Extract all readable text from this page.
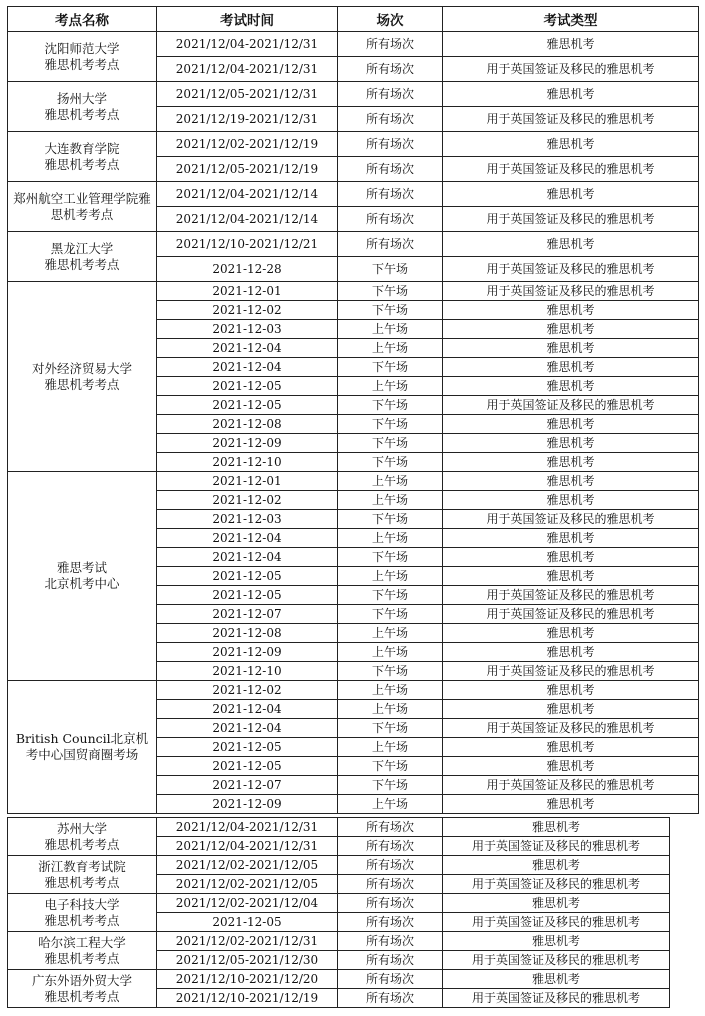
考点名称	考试时间	场次	考试类型
沈阳师范大学
雅思机考考点	2021/12/04-2021/12/31	所有场次	雅思机考
	2021/12/04-2021/12/31	所有场次	用于英国签证及移民的雅思机考
扬州大学
雅思机考考点	2021/12/05-2021/12/31	所有场次	雅思机考
	2021/12/19-2021/12/31	所有场次	用于英国签证及移民的雅思机考
大连教育学院
雅思机考考点	2021/12/02-2021/12/19	所有场次	雅思机考
	2021/12/05-2021/12/19	所有场次	用于英国签证及移民的雅思机考
郑州航空工业管理学院雅思机考考点	2021/12/04-2021/12/14	所有场次	雅思机考
	2021/12/04-2021/12/14	所有场次	用于英国签证及移民的雅思机考
黑龙江大学
雅思机考考点	2021/12/10-2021/12/21	所有场次	雅思机考
	2021-12-28	下午场	用于英国签证及移民的雅思机考
对外经济贸易大学
雅思机考考点	2021-12-01	下午场	用于英国签证及移民的雅思机考
	2021-12-02	下午场	雅思机考
	2021-12-03	上午场	雅思机考
	2021-12-04	上午场	雅思机考
	2021-12-04	下午场	雅思机考
	2021-12-05	上午场	雅思机考
	2021-12-05	下午场	用于英国签证及移民的雅思机考
	2021-12-08	下午场	雅思机考
	2021-12-09	下午场	雅思机考
	2021-12-10	下午场	雅思机考
雅思考试
北京机考中心	2021-12-01	上午场	雅思机考
	2021-12-02	上午场	雅思机考
	2021-12-03	下午场	用于英国签证及移民的雅思机考
	2021-12-04	上午场	雅思机考
	2021-12-04	下午场	雅思机考
	2021-12-05	上午场	雅思机考
	2021-12-05	下午场	用于英国签证及移民的雅思机考
	2021-12-07	下午场	用于英国签证及移民的雅思机考
	2021-12-08	上午场	雅思机考
	2021-12-09	上午场	雅思机考
	2021-12-10	下午场	用于英国签证及移民的雅思机考
British Council北京机考中心国贸商圈考场	2021-12-02	上午场	雅思机考
	2021-12-04	上午场	雅思机考
	2021-12-04	下午场	用于英国签证及移民的雅思机考
	2021-12-05	上午场	雅思机考
	2021-12-05	下午场	雅思机考
	2021-12-07	下午场	用于英国签证及移民的雅思机考
	2021-12-09	上午场	雅思机考
苏州大学
雅思机考考点	2021/12/04-2021/12/31	所有场次	雅思机考
	2021/12/04-2021/12/31	所有场次	用于英国签证及移民的雅思机考
浙江教育考试院
雅思机考考点	2021/12/02-2021/12/05	所有场次	雅思机考
	2021/12/02-2021/12/05	所有场次	用于英国签证及移民的雅思机考
电子科技大学
雅思机考考点	2021/12/02-2021/12/04	所有场次	雅思机考
	2021-12-05	所有场次	用于英国签证及移民的雅思机考
哈尔滨工程大学
雅思机考考点	2021/12/02-2021/12/31	所有场次	雅思机考
	2021/12/05-2021/12/30	所有场次	用于英国签证及移民的雅思机考
广东外语外贸大学
雅思机考考点	2021/12/10-2021/12/20	所有场次	雅思机考
	2021/12/10-2021/12/19	所有场次	用于英国签证及移民的雅思机考
